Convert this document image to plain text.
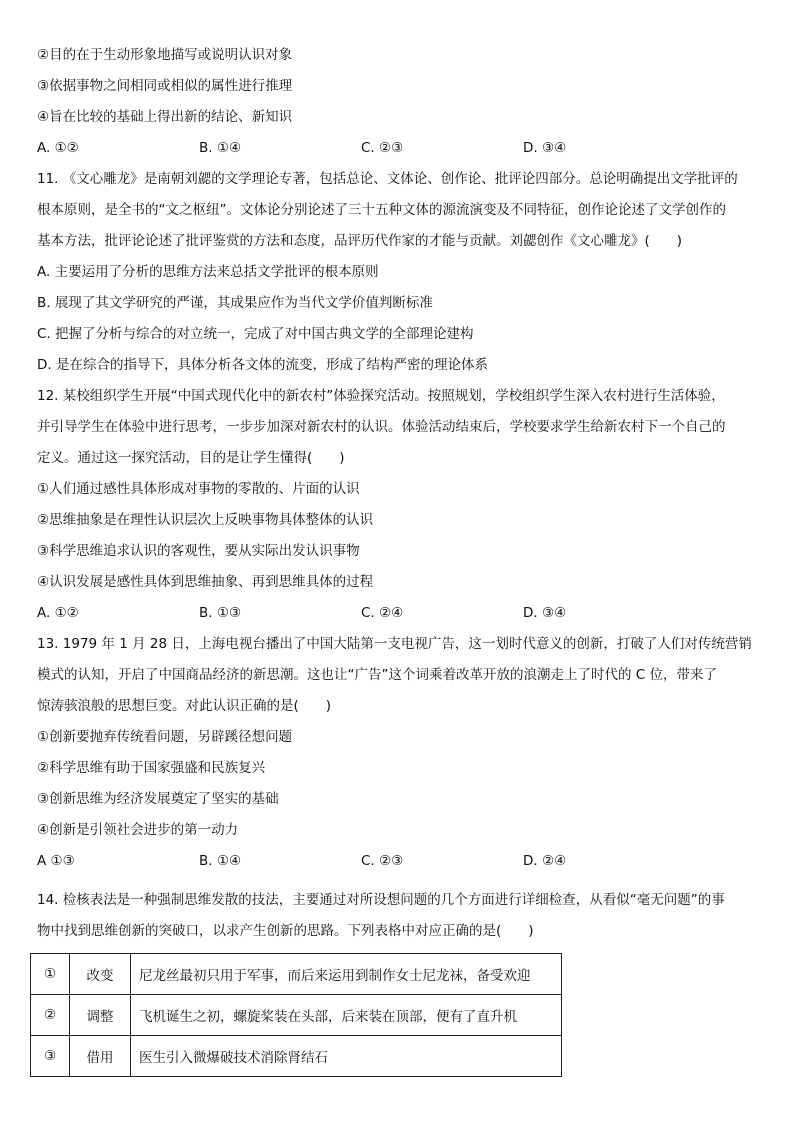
②目的在于生动形象地描写或说明认识对象
③依据事物之间相同或相似的属性进行推理
④旨在比较的基础上得出新的结论、新知识
A. ①②	B. ①④	C. ②③	D. ③④
11. 《文心雕龙》是南朝刘勰的文学理论专著，包括总论、文体论、创作论、批评论四部分。总论明确提出文学批评的
根本原则，是全书的“文之枢纽”。文体论分别论述了三十五种文体的源流演变及不同特征，创作论论述了文学创作的
基本方法，批评论论述了批评鉴赏的方法和态度，品评历代作家的才能与贡献。刘勰创作《文心雕龙》(　　)
A. 主要运用了分析的思维方法来总括文学批评的根本原则
B. 展现了其文学研究的严谨，其成果应作为当代文学价值判断标准
C. 把握了分析与综合的对立统一，完成了对中国古典文学的全部理论建构
D. 是在综合的指导下，具体分析各文体的流变，形成了结构严密的理论体系
12. 某校组织学生开展“中国式现代化中的新农村”体验探究活动。按照规划，学校组织学生深入农村进行生活体验，
并引导学生在体验中进行思考，一步步加深对新农村的认识。体验活动结束后，学校要求学生给新农村下一个自己的
定义。通过这一探究活动，目的是让学生懂得(　　)
①人们通过感性具体形成对事物的零散的、片面的认识
②思维抽象是在理性认识层次上反映事物具体整体的认识
③科学思维追求认识的客观性，要从实际出发认识事物
④认识发展是感性具体到思维抽象、再到思维具体的过程
A. ①②	B. ①③	C. ②④	D. ③④
13. 1979 年 1 月 28 日，上海电视台播出了中国大陆第一支电视广告，这一划时代意义的创新，打破了人们对传统营销
模式的认知，开启了中国商品经济的新思潮。这也让“广告”这个词乘着改革开放的浪潮走上了时代的 C 位，带来了
惊涛骇浪般的思想巨变。对此认识正确的是(　　)
①创新要抛弃传统看问题，另辟蹊径想问题
②科学思维有助于国家强盛和民族复兴
③创新思维为经济发展奠定了坚实的基础
④创新是引领社会进步的第一动力
A ①③	B. ①④	C. ②③	D. ②④
14. 检核表法是一种强制思维发散的技法，主要通过对所设想问题的几个方面进行详细检查，从看似“毫无问题”的事
物中找到思维创新的突破口，以求产生创新的思路。下列表格中对应正确的是(　　)
①	改变	尼龙丝最初只用于军事，而后来运用到制作女士尼龙袜，备受欢迎
②	调整	飞机诞生之初，螺旋桨装在头部，后来装在顶部，便有了直升机
③	借用	医生引入微爆破技术消除肾结石
